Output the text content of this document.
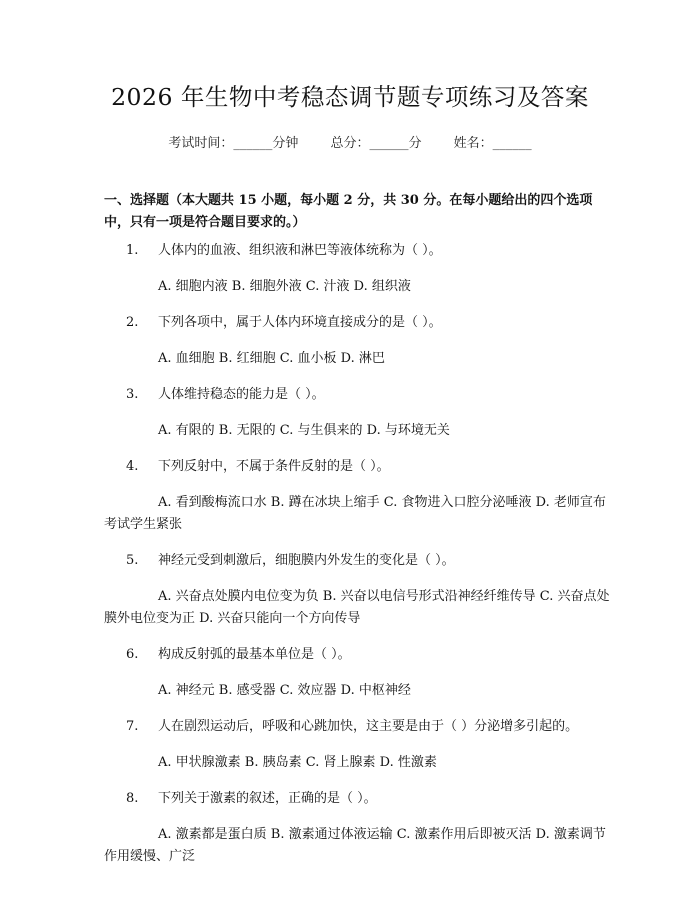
2026 年生物中考稳态调节题专项练习及答案
考试时间：______分钟 总分：______分 姓名：______
一、选择题（本大题共 15 小题，每小题 2 分，共 30 分。在每小题给出的四个选项中，只有一项是符合题目要求的。）

1. 人体内的血液、组织液和淋巴等液体统称为（ ）。

A. 细胞内液 B. 细胞外液 C. 汁液 D. 组织液

2. 下列各项中，属于人体内环境直接成分的是（ ）。

A. 血细胞 B. 红细胞 C. 血小板 D. 淋巴

3. 人体维持稳态的能力是（ ）。

A. 有限的 B. 无限的 C. 与生俱来的 D. 与环境无关

4. 下列反射中，不属于条件反射的是（ ）。

A. 看到酸梅流口水 B. 蹲在冰块上缩手 C. 食物进入口腔分泌唾液 D. 老师宣布考试学生紧张

5. 神经元受到刺激后，细胞膜内外发生的变化是（ ）。

A. 兴奋点处膜内电位变为负 B. 兴奋以电信号形式沿神经纤维传导 C. 兴奋点处膜外电位变为正 D. 兴奋只能向一个方向传导

6. 构成反射弧的最基本单位是（ ）。

A. 神经元 B. 感受器 C. 效应器 D. 中枢神经

7. 人在剧烈运动后，呼吸和心跳加快，这主要是由于（ ）分泌增多引起的。

A. 甲状腺激素 B. 胰岛素 C. 肾上腺素 D. 性激素

8. 下列关于激素的叙述，正确的是（ ）。

A. 激素都是蛋白质 B. 激素通过体液运输 C. 激素作用后即被灭活 D. 激素调节作用缓慢、广泛
